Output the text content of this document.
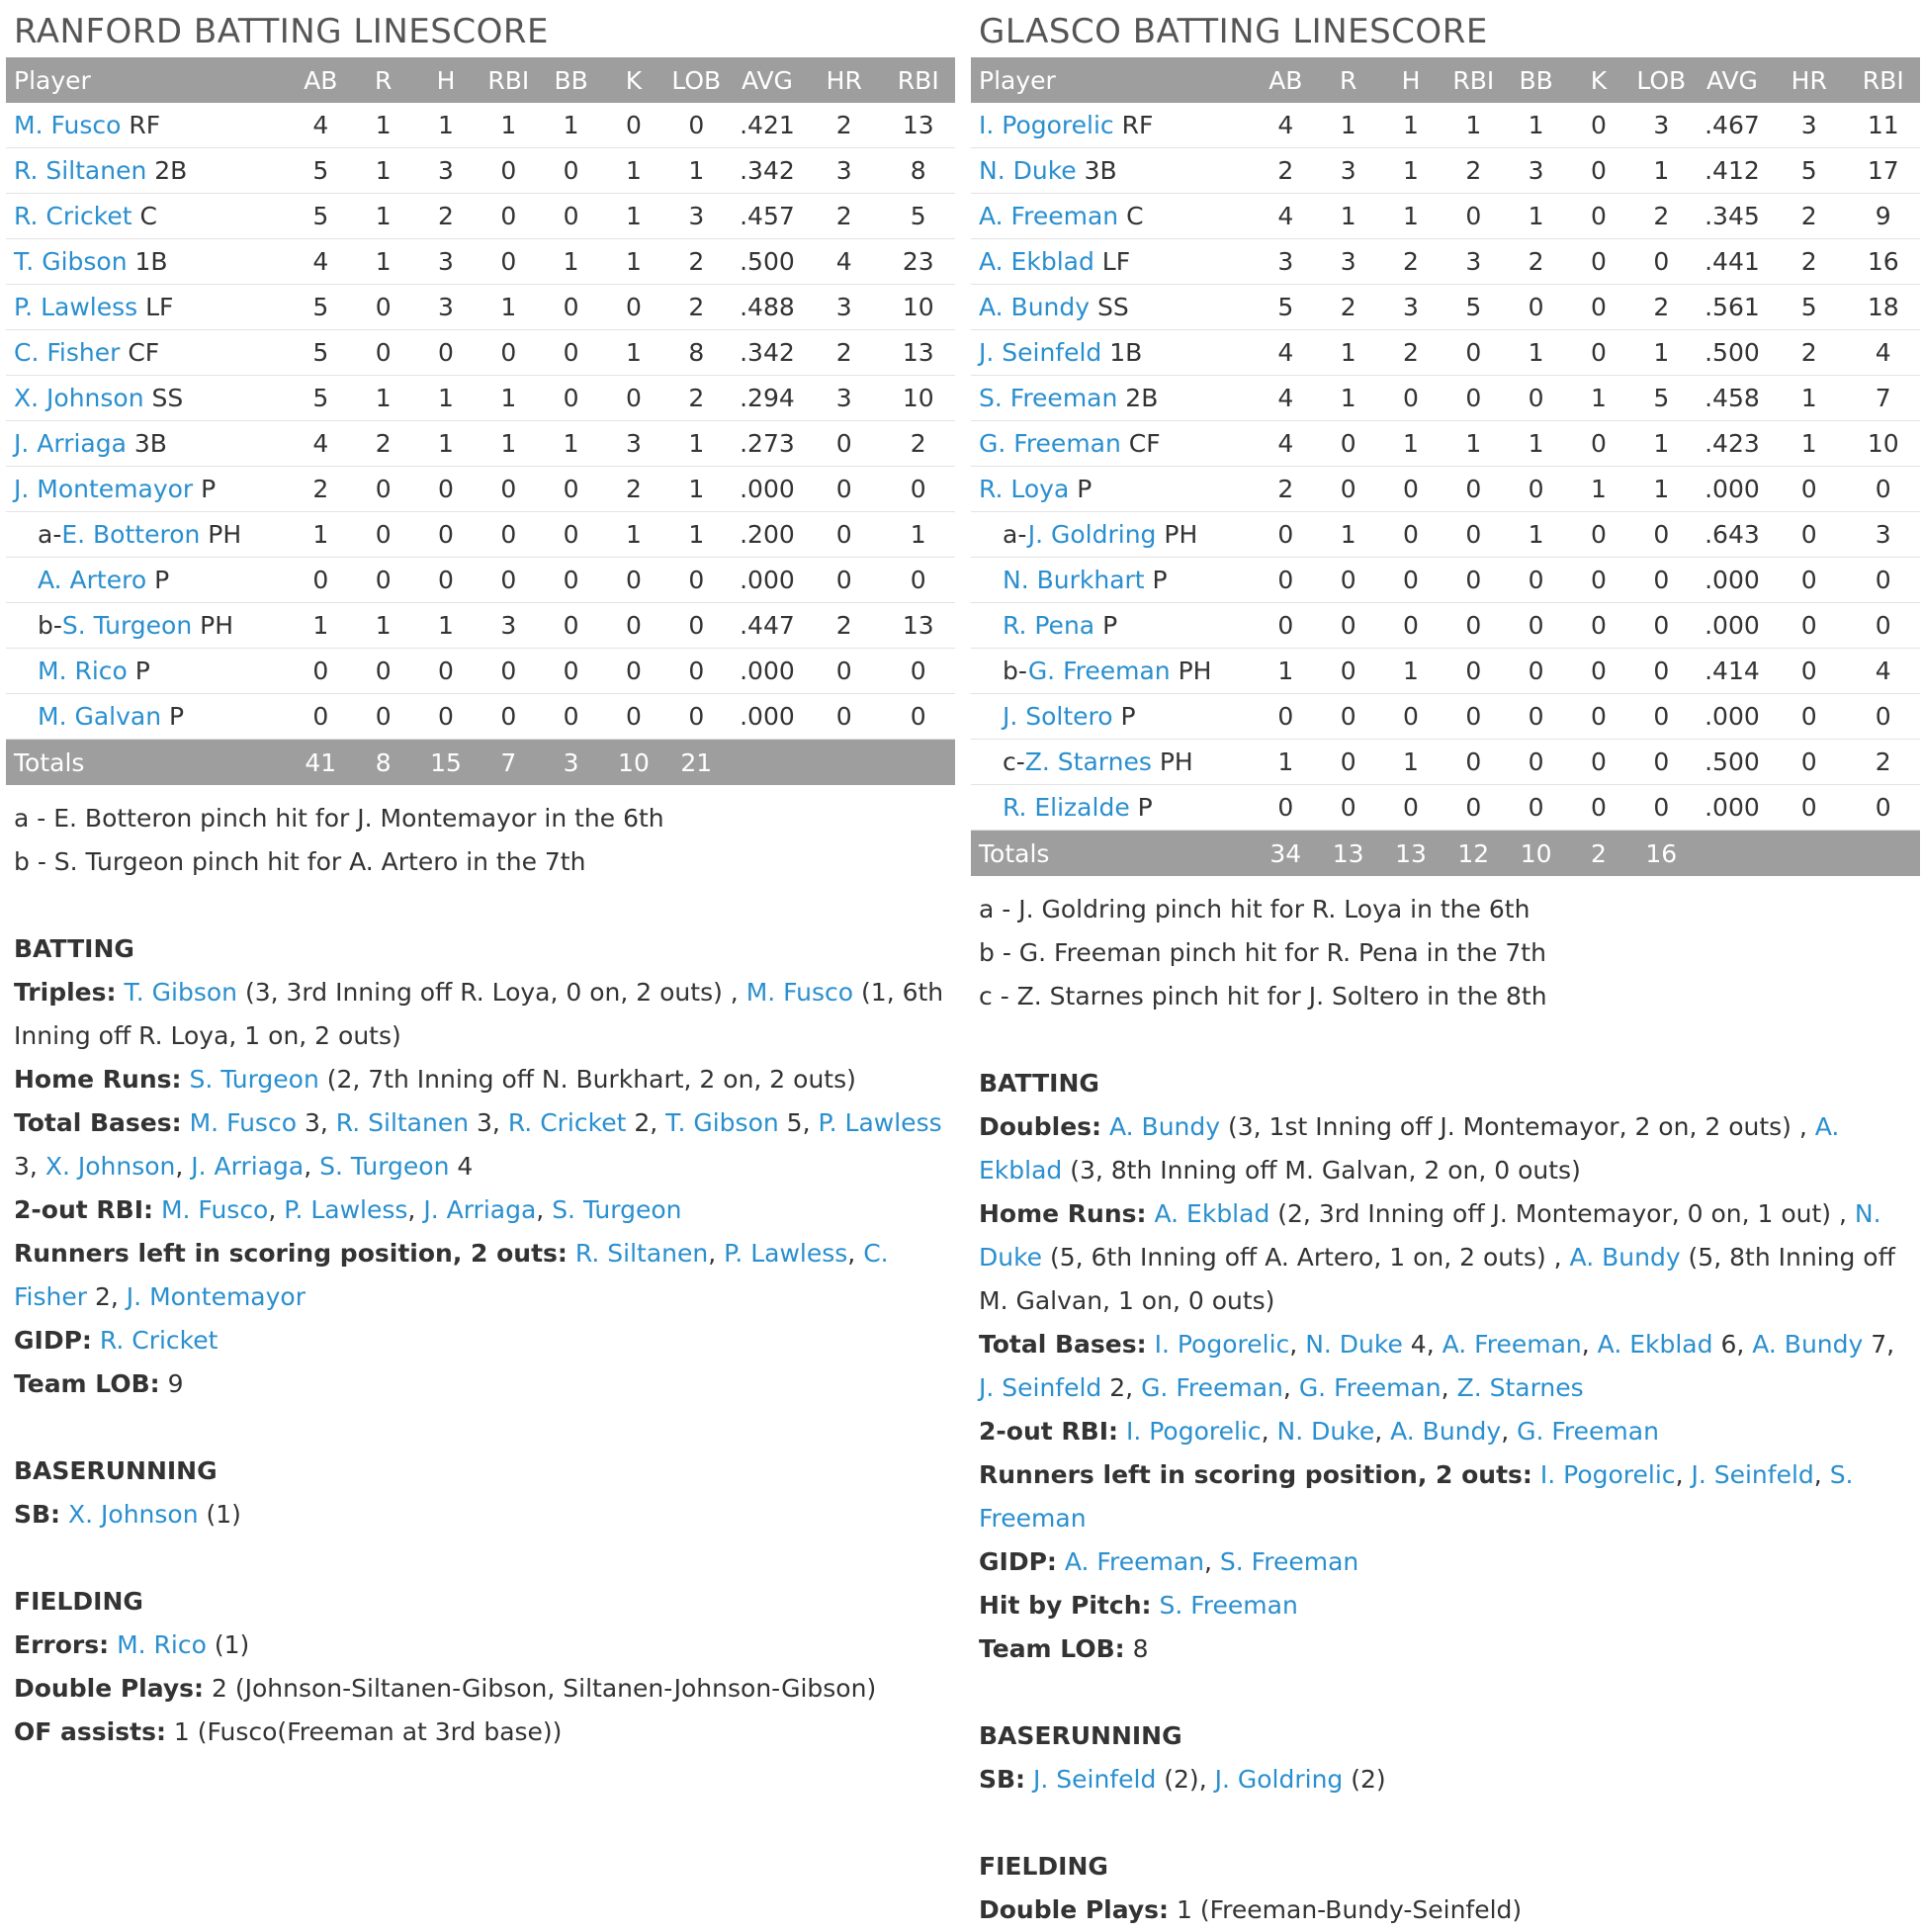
RANFORD BATTING LINESCORE
Player	AB	R	H	RBI	BB	K	LOB	AVG	HR	RBI
M. Fusco RF	4	1	1	1	1	0	0	.421	2	13
R. Siltanen 2B	5	1	3	0	0	1	1	.342	3	8
R. Cricket C	5	1	2	0	0	1	3	.457	2	5
T. Gibson 1B	4	1	3	0	1	1	2	.500	4	23
P. Lawless LF	5	0	3	1	0	0	2	.488	3	10
C. Fisher CF	5	0	0	0	0	1	8	.342	2	13
X. Johnson SS	5	1	1	1	0	0	2	.294	3	10
J. Arriaga 3B	4	2	1	1	1	3	1	.273	0	2
J. Montemayor P	2	0	0	0	0	2	1	.000	0	0
a-E. Botteron PH	1	0	0	0	0	1	1	.200	0	1
A. Artero P	0	0	0	0	0	0	0	.000	0	0
b-S. Turgeon PH	1	1	1	3	0	0	0	.447	2	13
M. Rico P	0	0	0	0	0	0	0	.000	0	0
M. Galvan P	0	0	0	0	0	0	0	.000	0	0
Totals	41	8	15	7	3	10	21			
a - E. Botteron pinch hit for J. Montemayor in the 6th
b - S. Turgeon pinch hit for A. Artero in the 7th
BATTING
Triples: T. Gibson (3, 3rd Inning off R. Loya, 0 on, 2 outs) , M. Fusco (1, 6th Inning off R. Loya, 1 on, 2 outs)
Home Runs: S. Turgeon (2, 7th Inning off N. Burkhart, 2 on, 2 outs)
Total Bases: M. Fusco 3, R. Siltanen 3, R. Cricket 2, T. Gibson 5, P. Lawless 3, X. Johnson, J. Arriaga, S. Turgeon 4
2-out RBI: M. Fusco, P. Lawless, J. Arriaga, S. Turgeon
Runners left in scoring position, 2 outs: R. Siltanen, P. Lawless, C. Fisher 2, J. Montemayor
GIDP: R. Cricket
Team LOB: 9
BASERUNNING
SB: X. Johnson (1)
FIELDING
Errors: M. Rico (1)
Double Plays: 2 (Johnson-Siltanen-Gibson, Siltanen-Johnson-Gibson)
OF assists: 1 (Fusco(Freeman at 3rd base))
GLASCO BATTING LINESCORE
Player	AB	R	H	RBI	BB	K	LOB	AVG	HR	RBI
I. Pogorelic RF	4	1	1	1	1	0	3	.467	3	11
N. Duke 3B	2	3	1	2	3	0	1	.412	5	17
A. Freeman C	4	1	1	0	1	0	2	.345	2	9
A. Ekblad LF	3	3	2	3	2	0	0	.441	2	16
A. Bundy SS	5	2	3	5	0	0	2	.561	5	18
J. Seinfeld 1B	4	1	2	0	1	0	1	.500	2	4
S. Freeman 2B	4	1	0	0	0	1	5	.458	1	7
G. Freeman CF	4	0	1	1	1	0	1	.423	1	10
R. Loya P	2	0	0	0	0	1	1	.000	0	0
a-J. Goldring PH	0	1	0	0	1	0	0	.643	0	3
N. Burkhart P	0	0	0	0	0	0	0	.000	0	0
R. Pena P	0	0	0	0	0	0	0	.000	0	0
b-G. Freeman PH	1	0	1	0	0	0	0	.414	0	4
J. Soltero P	0	0	0	0	0	0	0	.000	0	0
c-Z. Starnes PH	1	0	1	0	0	0	0	.500	0	2
R. Elizalde P	0	0	0	0	0	0	0	.000	0	0
Totals	34	13	13	12	10	2	16			
a - J. Goldring pinch hit for R. Loya in the 6th
b - G. Freeman pinch hit for R. Pena in the 7th
c - Z. Starnes pinch hit for J. Soltero in the 8th
BATTING
Doubles: A. Bundy (3, 1st Inning off J. Montemayor, 2 on, 2 outs) , A. Ekblad (3, 8th Inning off M. Galvan, 2 on, 0 outs)
Home Runs: A. Ekblad (2, 3rd Inning off J. Montemayor, 0 on, 1 out) , N. Duke (5, 6th Inning off A. Artero, 1 on, 2 outs) , A. Bundy (5, 8th Inning off M. Galvan, 1 on, 0 outs)
Total Bases: I. Pogorelic, N. Duke 4, A. Freeman, A. Ekblad 6, A. Bundy 7, J. Seinfeld 2, G. Freeman, G. Freeman, Z. Starnes
2-out RBI: I. Pogorelic, N. Duke, A. Bundy, G. Freeman
Runners left in scoring position, 2 outs: I. Pogorelic, J. Seinfeld, S. Freeman
GIDP: A. Freeman, S. Freeman
Hit by Pitch: S. Freeman
Team LOB: 8
BASERUNNING
SB: J. Seinfeld (2), J. Goldring (2)
FIELDING
Double Plays: 1 (Freeman-Bundy-Seinfeld)
